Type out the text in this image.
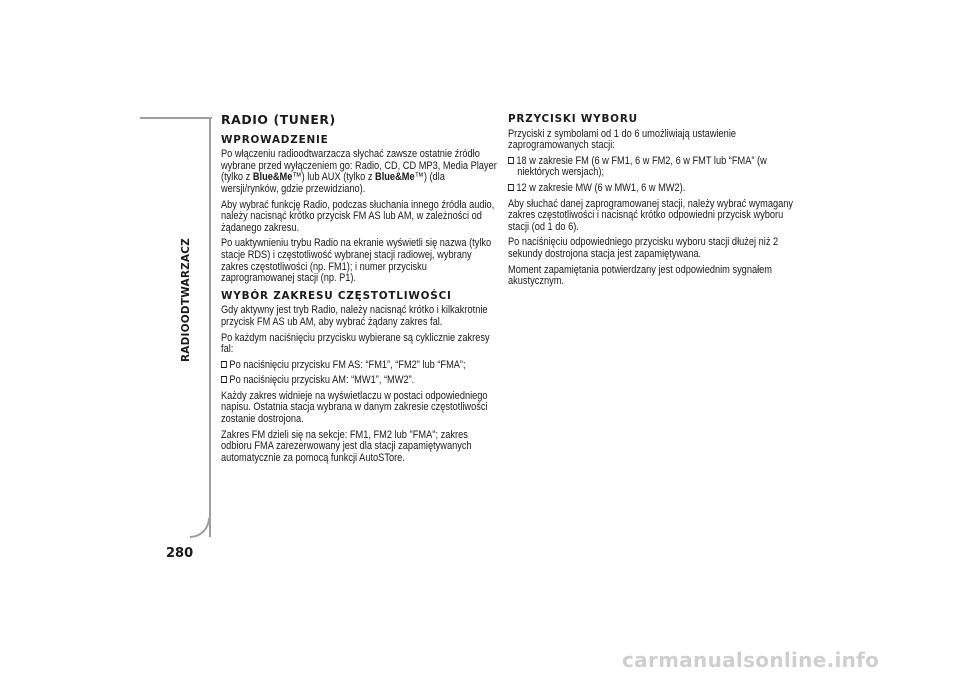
RADIOODTWARZACZ
280
RADIO (TUNER)
WPROWADZENIE

Po włączeniu radioodtwarzacza słychać zawsze ostatnie źródło wybrane przed wyłączeniem go: Radio, CD, CD MP3, Media Player (tylko z Blue&Me™) lub AUX (tylko z Blue&Me™) (dla wersji/rynków, gdzie przewidziano).

Aby wybrać funkcję Radio, podczas słuchania innego źródła audio, należy nacisnąć krótko przycisk FM AS lub AM, w zależności od żądanego zakresu.

Po uaktywnieniu trybu Radio na ekranie wyświetli się nazwa (tylko stacje RDS) i częstotliwość wybranej stacji radiowej, wybrany zakres częstotliwości (np. FM1); i numer przycisku zaprogramowanej stacji (np. P1).

WYBÓR ZAKRESU CZĘSTOTLIWOŚCI

Gdy aktywny jest tryb Radio, należy nacisnąć krótko i kilkakrotnie przycisk FM AS ub AM, aby wybrać żądany zakres fal.

Po każdym naciśnięciu przycisku wybierane są cyklicznie zakresy fal:

Po naciśnięciu przycisku FM AS: “FM1”, “FM2” lub “FMA”;
Po naciśnięciu przycisku AM: “MW1”, “MW2”.

Każdy zakres widnieje na wyświetlaczu w postaci odpowiedniego napisu. Ostatnia stacja wybrana w danym zakresie częstotliwości zostanie dostrojona.

Zakres FM dzieli się na sekcje: FM1, FM2 lub "FMA"; zakres odbioru FMA zarezerwowany jest dla stacji zapamiętywanych automatycznie za pomocą funkcji AutoSTore.

PRZYCISKI WYBORU

Przyciski z symbolami od 1 do 6 umożliwiają ustawienie zaprogramowanych stacji:

18 w zakresie FM (6 w FM1, 6 w FM2, 6 w FMT lub “FMA” (w
niektórych wersjach);
12 w zakresie MW (6 w MW1, 6 w MW2).

Aby słuchać danej zaprogramowanej stacji, należy wybrać wymagany zakres częstotliwości i nacisnąć krótko odpowiedni przycisk wyboru stacji (od 1 do 6).

Po naciśnięciu odpowiedniego przycisku wyboru stacji dłużej niż 2 sekundy dostrojona stacja jest zapamiętywana.

Moment zapamiętania potwierdzany jest odpowiednim sygnałem akustycznym.

carmanualsonline.info
